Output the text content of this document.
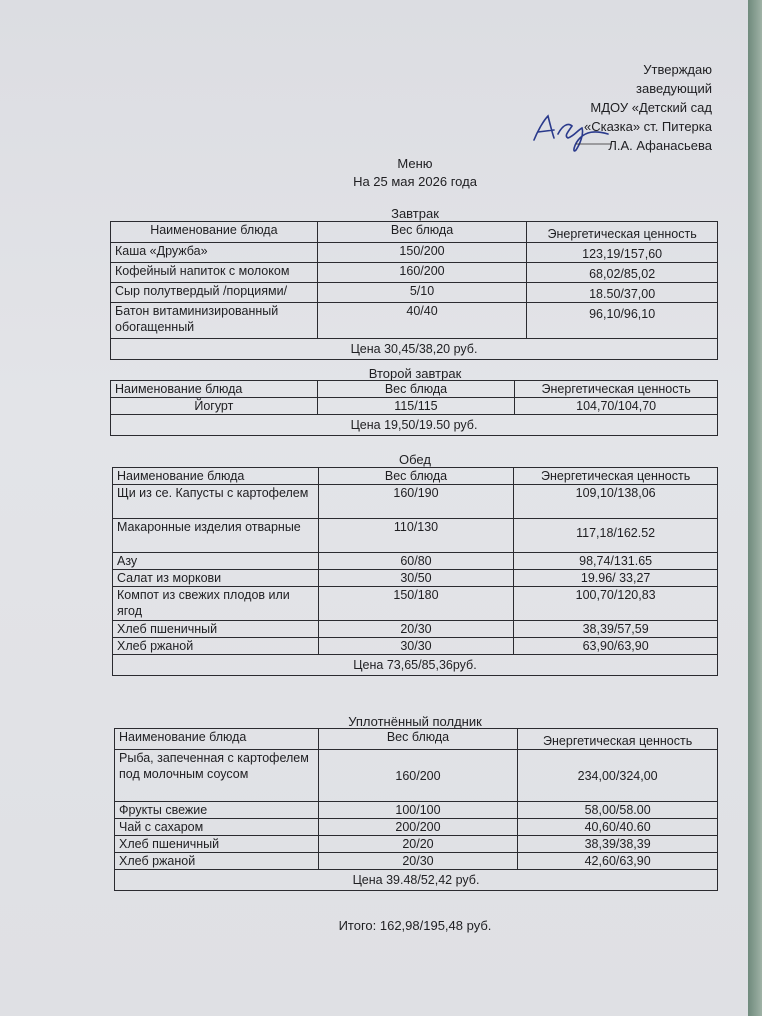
Утверждаю
заведующий
МДОУ «Детский сад
«Сказка» ст. Питерка
Л.А. Афанасьева
Меню
На 25 мая 2026 года
Завтрак
Наименование блюда	Вес блюда	Энергетическая ценность
Каша «Дружба»	150/200	123,19/157,60
Кофейный напиток с молоком	160/200	68,02/85,02
Сыр полутвердый /порциями/	5/10	18.50/37,00
Батон витаминизированный обогащенный	40/40	96,10/96,10
Цена 30,45/38,20 руб.		
Второй завтрак
Наименование блюда	Вес блюда	Энергетическая ценность
Йогурт	115/115	104,70/104,70
Цена 19,50/19.50 руб.		
Обед
Наименование блюда	Вес блюда	Энергетическая ценность
Щи из се. Капусты с картофелем	160/190	109,10/138,06
Макаронные изделия отварные	110/130	117,18/162.52
Азу	60/80	98,74/131.65
Салат из моркови	30/50	19.96/ 33,27
Компот из свежих плодов или ягод	150/180	100,70/120,83
Хлеб пшеничный	20/30	38,39/57,59
Хлеб ржаной	30/30	63,90/63,90
Цена 73,65/85,36руб.		
Уплотнённый полдник
Наименование блюда	Вес блюда	Энергетическая ценность
Рыба, запеченная с картофелем под молочным соусом	160/200	234,00/324,00
Фрукты свежие	100/100	58,00/58.00
Чай с сахаром	200/200	40,60/40.60
Хлеб пшеничный	20/20	38,39/38,39
Хлеб ржаной	20/30	42,60/63,90
Цена 39.48/52,42 руб.		
Итого: 162,98/195,48 руб.
